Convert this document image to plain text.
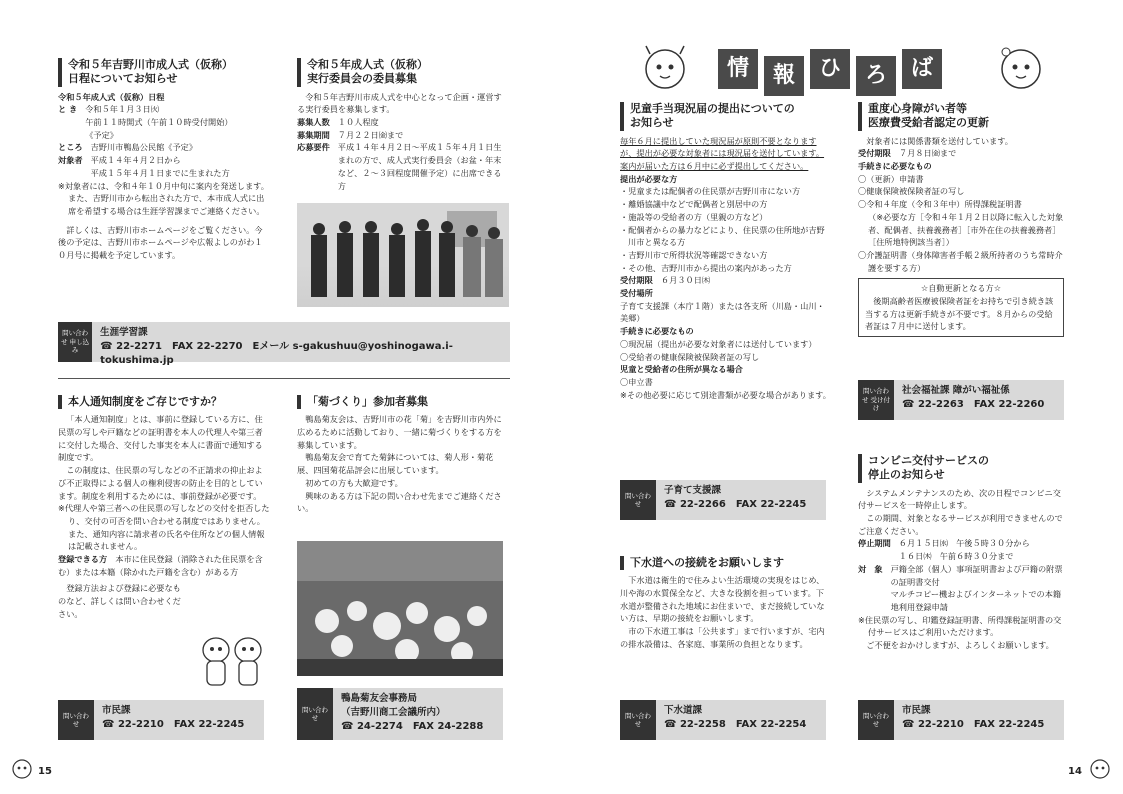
令和５年吉野川市成人式（仮称）
日程についてお知らせ
令和５年成人式（仮称）日程
と き 令和５年１月３日㈫
午前１１時開式（午前１０時受付開始）
《予定》
ところ 吉野川市鴨島公民館《予定》
対象者 平成１４年４月２日から
平成１５年４月１日までに生まれた方
※対象者には、令和４年１０月中旬に案内を発送します。また、吉野川市から転出された方で、本市成人式に出席を希望する場合は生涯学習課までご連絡ください。
詳しくは、吉野川市ホームページをご覧ください。今後の予定は、吉野川市ホームページや広報よしのがわ１０月号に掲載を予定しています。
令和５年成人式（仮称）
実行委員会の委員募集
令和５年吉野川市成人式を中心となって企画・運営する実行委員を募集します。
募集人数 １０人程度
募集期間 ７月２２日㈮まで
応募要件 平成１４年４月２日〜平成１５年４月１日生まれの方で、成人式実行委員会（お盆・年末など、２〜３回程度開催予定）に出席できる方
問い合わせ 申し込み
生涯学習課
☎ 22-2271　FAX 22-2270　Eメール s-gakushuu@yoshinogawa.i-tokushima.jp
本人通知制度をご存じですか？
「本人通知制度」とは、事前に登録している方に、住民票の写しや戸籍などの証明書を本人の代理人や第三者に交付した場合、交付した事実を本人に書面で通知する制度です。
この制度は、住民票の写しなどの不正請求の抑止および不正取得による個人の権利侵害の防止を目的としています。制度を利用するためには、事前登録が必要です。
※代理人や第三者への住民票の写しなどの交付を拒否したり、交付の可否を問い合わせる制度ではありません。また、通知内容に請求者の氏名や住所などの個人情報は記載されません。
登録できる方　 本市に住民登録（消除された住民票を含む）または本籍（除かれた戸籍を含む）がある方
登録方法および登録に必要なものなど、詳しくは問い合わせください。
問い合わせ
市民課
☎ 22-2210　FAX 22-2245
「菊づくり」参加者募集
鴨島菊友会は、吉野川市の花「菊」を吉野川市内外に広めるために活動しており、一緒に菊づくりをする方を募集しています。
鴨島菊友会で育てた菊鉢については、菊人形・菊花展、四国菊花品評会に出展しています。
初めての方も大歓迎です。
興味のある方は下記の問い合わせ先までご連絡ください。
問い合わせ
鴨島菊友会事務局
（吉野川商工会議所内）
☎ 24-2274　FAX 24-2288
15
情	報	ひ	ろ	ば
児童手当現況届の提出についての
お知らせ
毎年６月に提出していた現況届が原則不要となりますが、提出が必要な対象者には現況届を送付しています。案内が届いた方は６月中に必ず提出してください。
提出が必要な方
・児童または配偶者の住民票が吉野川市にない方
・離婚協議中などで配偶者と別居中の方
・施設等の受給者の方（里親の方など）
・配偶者からの暴力などにより、住民票の住所地が吉野川市と異なる方
・吉野川市で所得状況等確認できない方
・その他、吉野川市から提出の案内があった方
受付期限　 ６月３０日㈭
受付場所
子育て支援課（本庁１階）または各支所（川島・山川・美郷）
手続きに必要なもの
〇現況届（提出が必要な対象者には送付しています）
〇受給者の健康保険被保険者証の写し
児童と受給者の住所が異なる場合
〇申立書
※その他必要に応じて別途書類が必要な場合があります。
問い合わせ
子育て支援課
☎ 22-2266　FAX 22-2245
下水道への接続をお願いします
下水道は衛生的で住みよい生活環境の実現をはじめ、川や海の水質保全など、大きな役割を担っています。下水道が整備された地域にお住まいで、まだ接続していない方は、早期の接続をお願いします。
市の下水道工事は「公共ます」まで行いますが、宅内の排水設備は、各家庭、事業所の負担となります。
問い合わせ
下水道課
☎ 22-2258　FAX 22-2254
重度心身障がい者等
医療費受給者認定の更新
対象者には関係書類を送付しています。
受付期限　 ７月８日㈮まで
手続きに必要なもの
〇（更新）申請書
〇健康保険被保険者証の写し
〇令和４年度（令和３年中）所得課税証明書
（※必要な方［令和４年１月２日以降に転入した対象者、配偶者、扶養義務者］［市外在住の扶養義務者］［住所地特例該当者］）
〇介護証明書（身体障害者手帳２級所持者のうち常時介護を要する方）
☆自動更新となる方☆
後期高齢者医療被保険者証をお持ちで引き続き該当する方は更新手続きが不要です。８月からの受給者証は７月中に送付します。
問い合わせ 受け付け
社会福祉課 障がい福祉係
☎ 22-2263　FAX 22-2260
コンビニ交付サービスの
停止のお知らせ
システムメンテナンスのため、次の日程でコンビニ交付サービスを一時停止します。
この期間、対象となるサービスが利用できませんのでご注意ください。
停止期間 ６月１５日㈬　午後５時３０分から
１６日㈭　午前６時３０分まで
対　象 戸籍全部（個人）事項証明書および戸籍の附票の証明書交付
マルチコピー機およびインターネットでの本籍地利用登録申請
※住民票の写し、印鑑登録証明書、所得課税証明書の交付サービスはご利用いただけます。
ご不便をおかけしますが、よろしくお願いします。
問い合わせ
市民課
☎ 22-2210　FAX 22-2245
14
